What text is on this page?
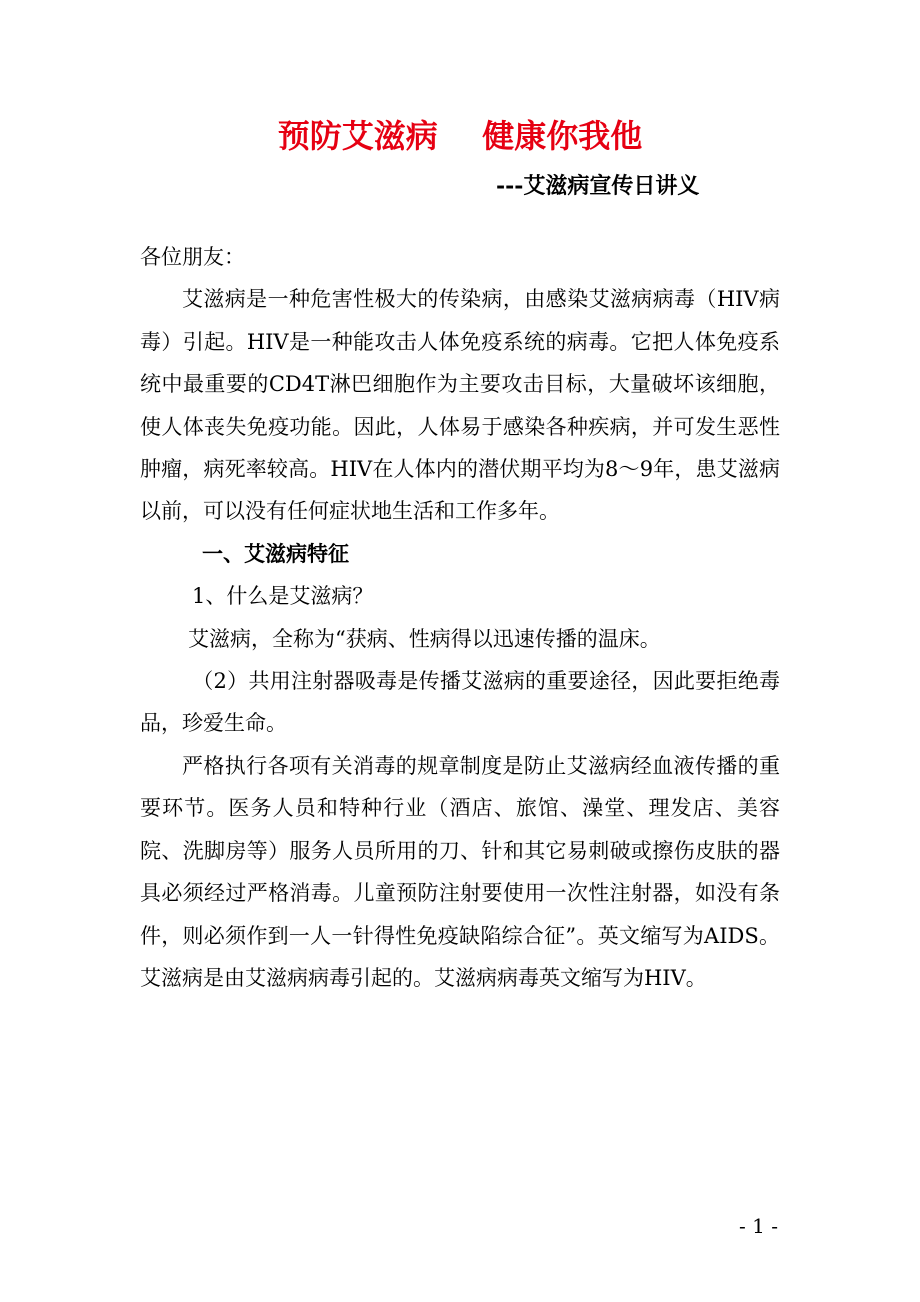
预防艾滋病    健康你我他
---艾滋病宣传日讲义

各位朋友：

艾滋病是一种危害性极大的传染病，由感染艾滋病病毒（HIV病毒）引起。HIV是一种能攻击人体免疫系统的病毒。它把人体免疫系统中最重要的CD4T淋巴细胞作为主要攻击目标，大量破坏该细胞，使人体丧失免疫功能。因此，人体易于感染各种疾病，并可发生恶性肿瘤，病死率较高。HIV在人体内的潜伏期平均为8～9年，患艾滋病以前，可以没有任何症状地生活和工作多年。

一、艾滋病特征

1、什么是艾滋病？

艾滋病，全称为“获病、性病得以迅速传播的温床。

（2）共用注射器吸毒是传播艾滋病的重要途径，因此要拒绝毒品，珍爱生命。

严格执行各项有关消毒的规章制度是防止艾滋病经血液传播的重要环节。医务人员和特种行业（酒店、旅馆、澡堂、理发店、美容院、洗脚房等）服务人员所用的刀、针和其它易刺破或擦伤皮肤的器具必须经过严格消毒。儿童预防注射要使用一次性注射器，如没有条件，则必须作到一人一针得性免疫缺陷综合征”。英文缩写为AIDS。艾滋病是由艾滋病病毒引起的。艾滋病病毒英文缩写为HIV。

- 1 -
